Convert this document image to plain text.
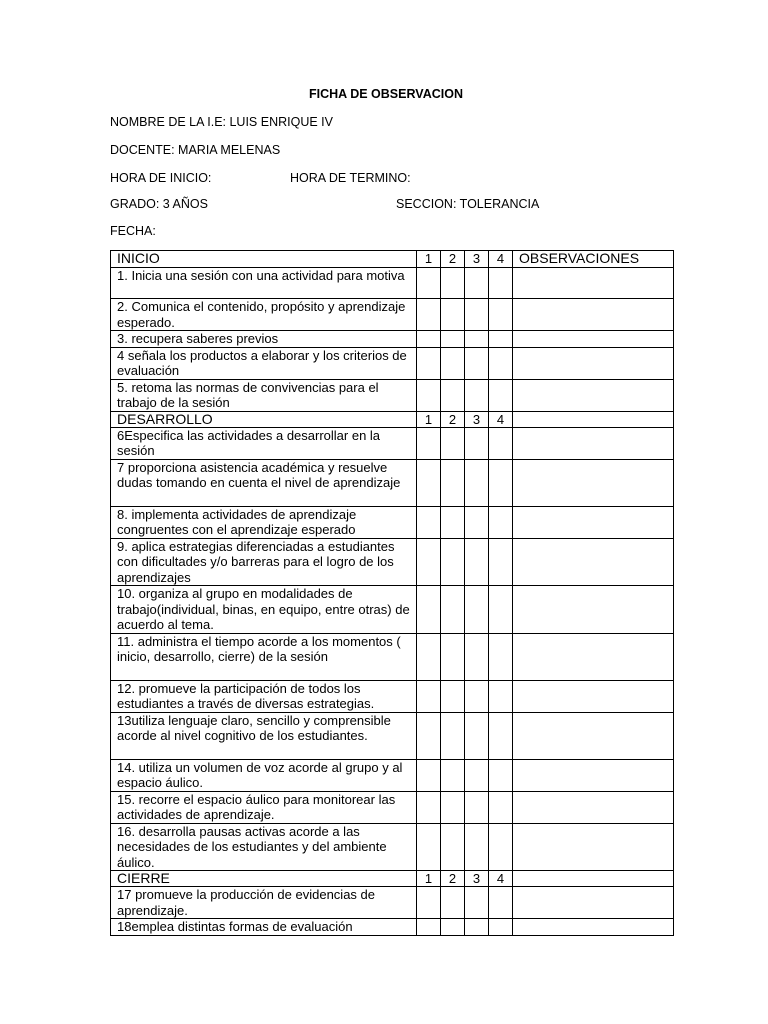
FICHA DE OBSERVACION
NOMBRE DE LA I.E: LUIS ENRIQUE IV
DOCENTE: MARIA MELENAS
HORA DE INICIO:	HORA DE TERMINO:
GRADO: 3 AÑOS	SECCION: TOLERANCIA
FECHA:
INICIO	1	2	3	4	OBSERVACIONES
1. Inicia una sesión con una actividad para motiva					
2. Comunica el contenido, propósito y aprendizaje esperado.					
3. recupera saberes previos					
4 señala los productos a elaborar y los criterios de evaluación					
5. retoma las normas de convivencias para el trabajo de la sesión					
DESARROLLO	1	2	3	4	
6Especifica las actividades a desarrollar en la sesión					
7 proporciona asistencia académica y resuelve dudas tomando en cuenta el nivel de aprendizaje					
8. implementa actividades de aprendizaje congruentes con el aprendizaje esperado					
9. aplica estrategias diferenciadas a estudiantes con dificultades y/o barreras para el logro de los aprendizajes					
10. organiza al grupo en modalidades de trabajo(individual, binas, en equipo, entre otras) de acuerdo al tema.					
11. administra el tiempo acorde a los momentos ( inicio, desarrollo, cierre) de la sesión					
12. promueve la participación de todos los estudiantes a través de diversas estrategias.					
13utiliza lenguaje claro, sencillo y comprensible acorde al nivel cognitivo de los estudiantes.					
14. utiliza un volumen de voz acorde al grupo y al espacio áulico.					
15. recorre el espacio áulico para monitorear las actividades de aprendizaje.					
16. desarrolla pausas activas acorde a las necesidades de los estudiantes y del ambiente áulico.					
CIERRE	1	2	3	4	
17 promueve la producción de evidencias de aprendizaje.					
18emplea distintas formas de evaluación					
